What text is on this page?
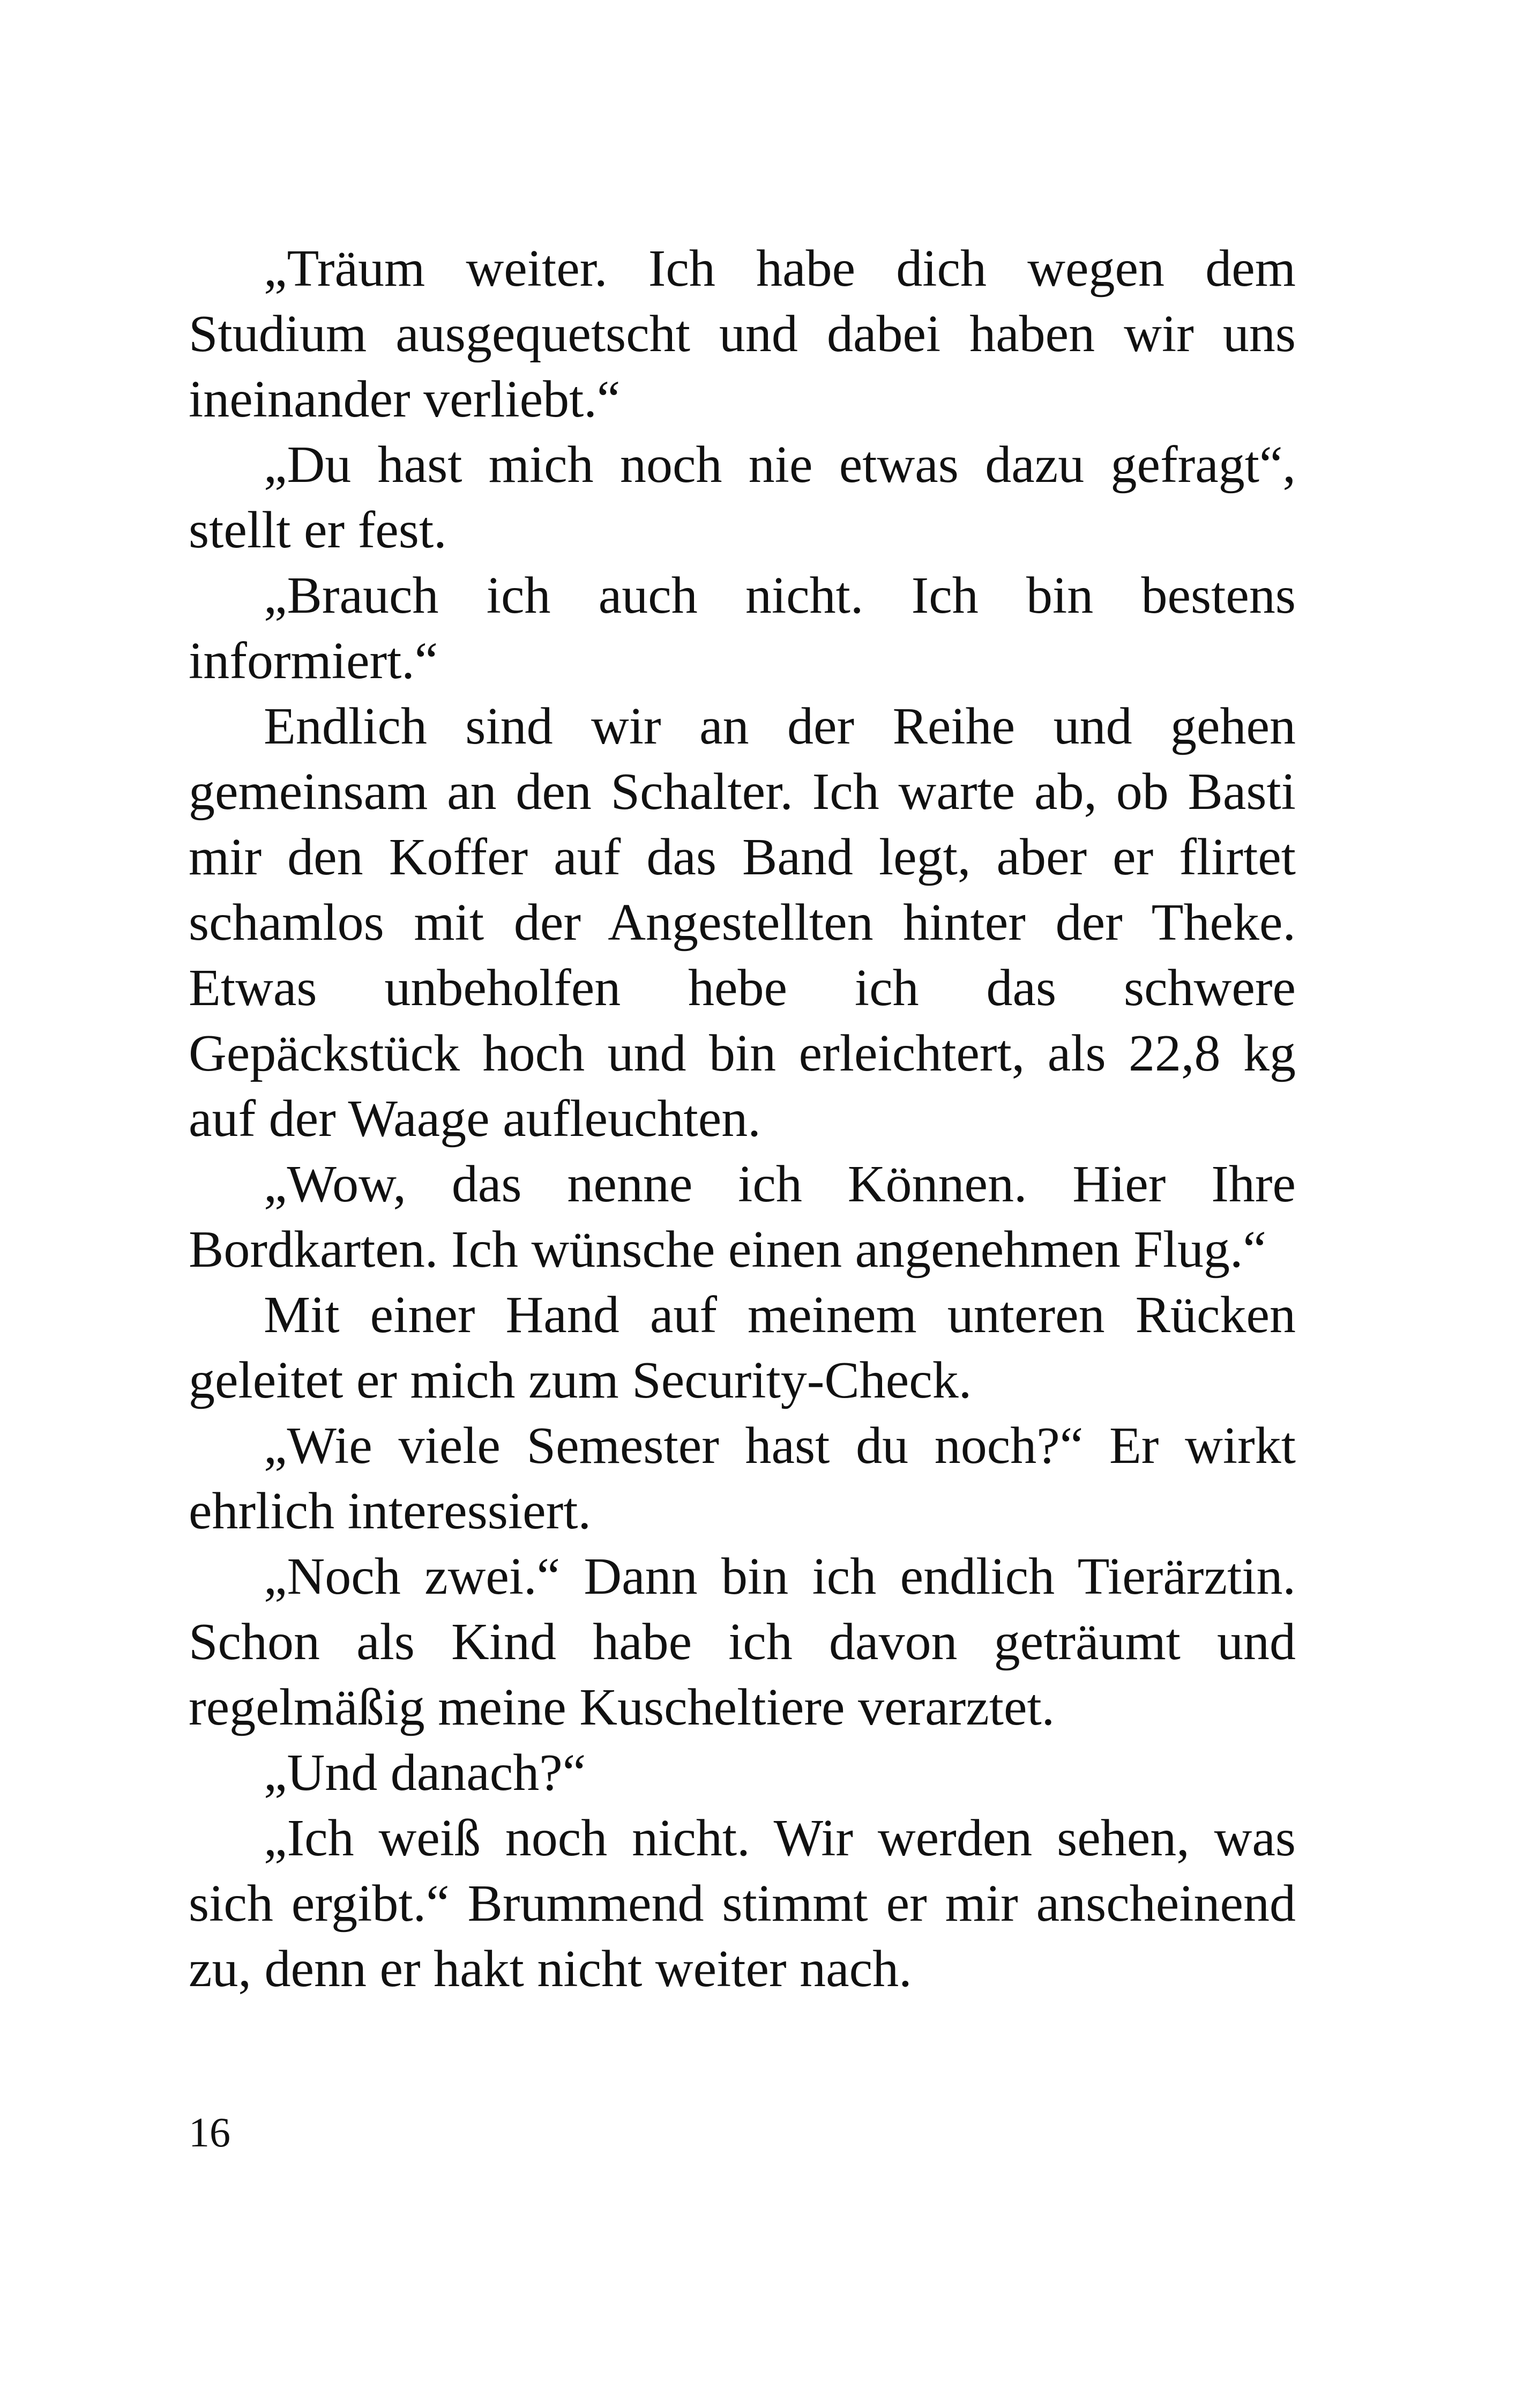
„Träum weiter. Ich habe dich wegen dem Studium ausgequetscht und dabei haben wir uns ineinander verliebt.“

„Du hast mich noch nie etwas dazu gefragt“, stellt er fest.

„Brauch ich auch nicht. Ich bin bestens informiert.“

Endlich sind wir an der Reihe und gehen gemeinsam an den Schalter. Ich warte ab, ob Basti mir den Koffer auf das Band legt, aber er flirtet schamlos mit der Angestellten hinter der Theke. Etwas unbeholfen hebe ich das schwere Gepäckstück hoch und bin erleichtert, als 22,8 kg auf der Waage aufleuchten.

„Wow, das nenne ich Können. Hier Ihre Bordkarten. Ich wünsche einen angenehmen Flug.“

Mit einer Hand auf meinem unteren Rücken geleitet er mich zum Security-Check.

„Wie viele Semester hast du noch?“ Er wirkt ehrlich interessiert.

„Noch zwei.“ Dann bin ich endlich Tierärztin. Schon als Kind habe ich davon geträumt und regelmäßig meine Kuscheltiere verarztet.

„Und danach?“

„Ich weiß noch nicht. Wir werden sehen, was sich ergibt.“ Brummend stimmt er mir anscheinend zu, denn er hakt nicht weiter nach.

16
